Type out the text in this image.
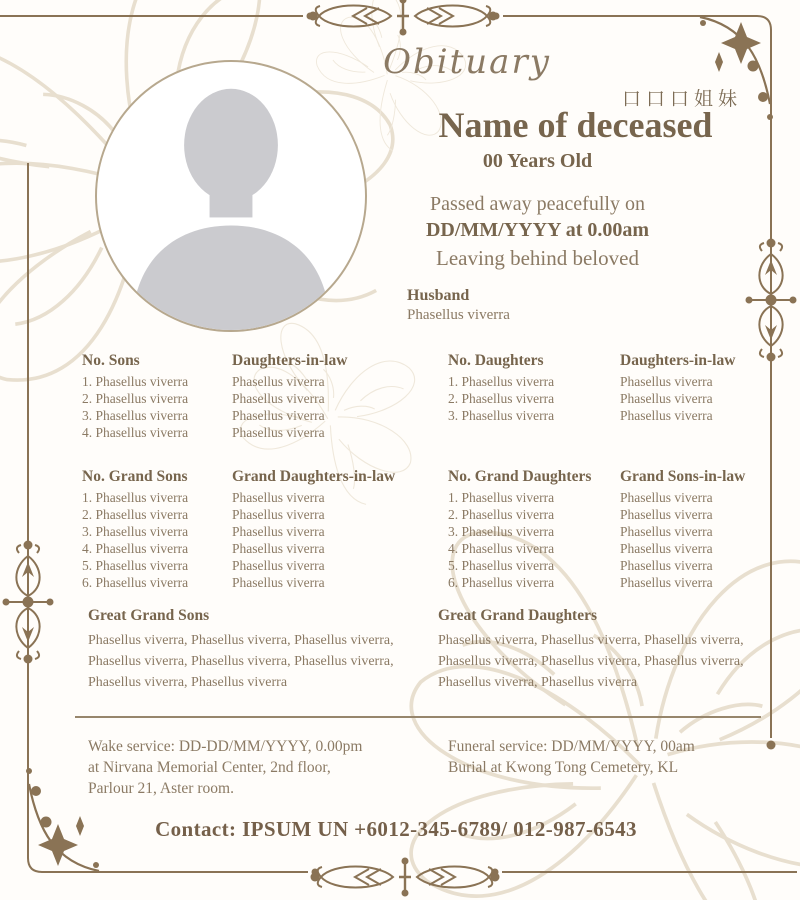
Obituary
口口口姐妹
Name of deceased
00 Years Old
Passed away peacefully on
DD/MM/YYYY at 0.00am
Leaving behind beloved
Husband
Phasellus viverra
No. Sons
1. Phasellus viverra
2. Phasellus viverra
3. Phasellus viverra
4. Phasellus viverra
Daughters-in-law
Phasellus viverra
Phasellus viverra
Phasellus viverra
Phasellus viverra
No. Daughters
1. Phasellus viverra
2. Phasellus viverra
3. Phasellus viverra
Daughters-in-law
Phasellus viverra
Phasellus viverra
Phasellus viverra
No. Grand Sons
1. Phasellus viverra
2. Phasellus viverra
3. Phasellus viverra
4. Phasellus viverra
5. Phasellus viverra
6. Phasellus viverra
Grand Daughters-in-law
Phasellus viverra
Phasellus viverra
Phasellus viverra
Phasellus viverra
Phasellus viverra
Phasellus viverra
No. Grand Daughters
1. Phasellus viverra
2. Phasellus viverra
3. Phasellus viverra
4. Phasellus viverra
5. Phasellus viverra
6. Phasellus viverra
Grand Sons-in-law
Phasellus viverra
Phasellus viverra
Phasellus viverra
Phasellus viverra
Phasellus viverra
Phasellus viverra
Great Grand Sons
Phasellus viverra, Phasellus viverra, Phasellus viverra, Phasellus viverra, Phasellus viverra, Phasellus viverra, Phasellus viverra, Phasellus viverra
Great Grand Daughters
Phasellus viverra, Phasellus viverra, Phasellus viverra, Phasellus viverra, Phasellus viverra, Phasellus viverra, Phasellus viverra, Phasellus viverra
Wake service: DD-DD/MM/YYYY, 0.00pm
at Nirvana Memorial Center, 2nd floor,
Parlour 21, Aster room.
Funeral service: DD/MM/YYYY, 00am
Burial at Kwong Tong Cemetery, KL
Contact: IPSUM UN +6012-345-6789/ 012-987-6543
